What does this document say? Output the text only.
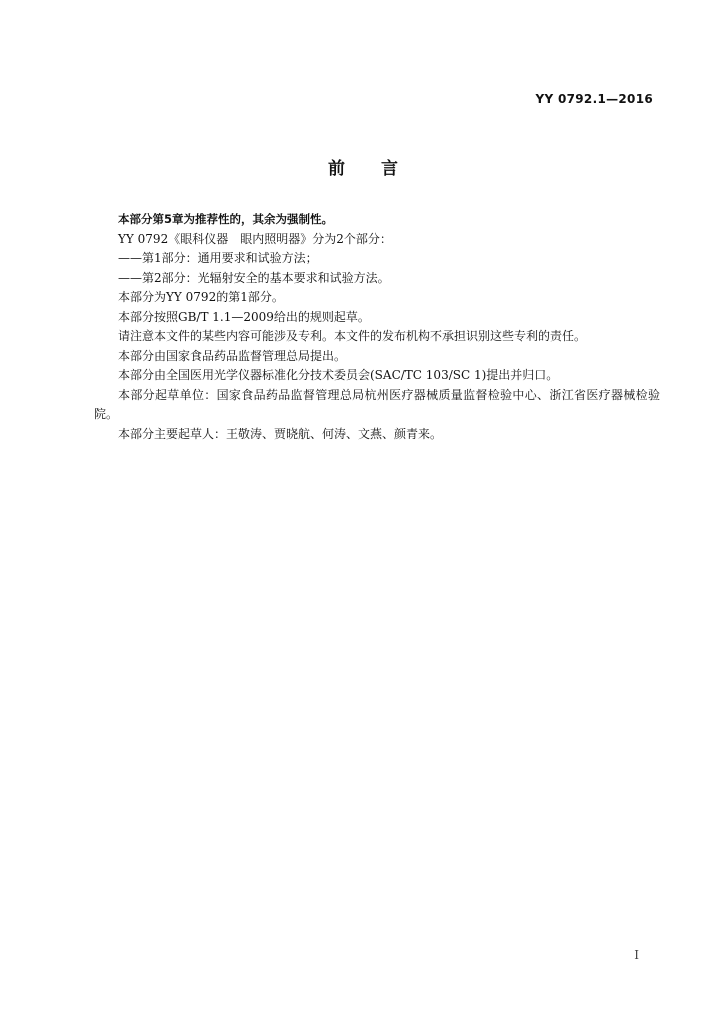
YY 0792.1—2016
前 言

本部分第5章为推荐性的，其余为强制性。

YY 0792《眼科仪器　眼内照明器》分为2个部分：

——第1部分：通用要求和试验方法；

——第2部分：光辐射安全的基本要求和试验方法。

本部分为YY 0792的第1部分。

本部分按照GB/T 1.1—2009给出的规则起草。

请注意本文件的某些内容可能涉及专利。本文件的发布机构不承担识别这些专利的责任。

本部分由国家食品药品监督管理总局提出。

本部分由全国医用光学仪器标准化分技术委员会(SAC/TC 103/SC 1)提出并归口。

本部分起草单位：国家食品药品监督管理总局杭州医疗器械质量监督检验中心、浙江省医疗器械检验院。

本部分主要起草人：王敬涛、贾晓航、何涛、文燕、颜青来。

I
